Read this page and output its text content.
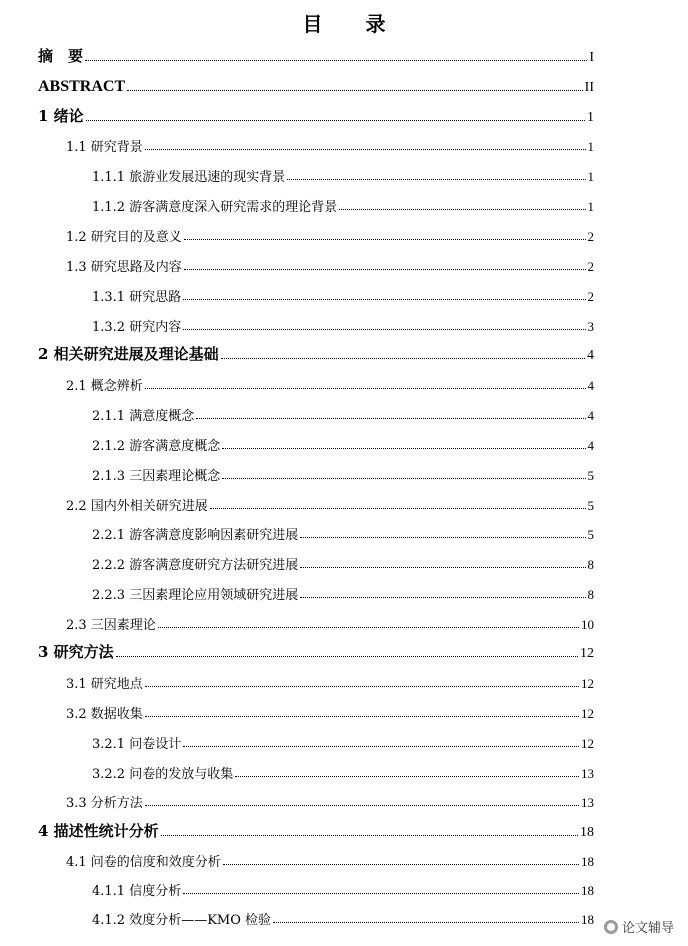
目 录
摘　要	I
ABSTRACT	II
1 绪论	1
1.1 研究背景	1
1.1.1 旅游业发展迅速的现实背景	1
1.1.2 游客满意度深入研究需求的理论背景	1
1.2 研究目的及意义	2
1.3 研究思路及内容	2
1.3.1 研究思路	2
1.3.2 研究内容	3
2 相关研究进展及理论基础	4
2.1 概念辨析	4
2.1.1 满意度概念	4
2.1.2 游客满意度概念	4
2.1.3 三因素理论概念	5
2.2 国内外相关研究进展	5
2.2.1 游客满意度影响因素研究进展	5
2.2.2 游客满意度研究方法研究进展	8
2.2.3 三因素理论应用领域研究进展	8
2.3 三因素理论	10
3 研究方法	12
3.1 研究地点	12
3.2 数据收集	12
3.2.1 问卷设计	12
3.2.2 问卷的发放与收集	13
3.3 分析方法	13
4 描述性统计分析	18
4.1 问卷的信度和效度分析	18
4.1.1 信度分析	18
4.1.2 效度分析——KMO 检验	18
论文辅导
